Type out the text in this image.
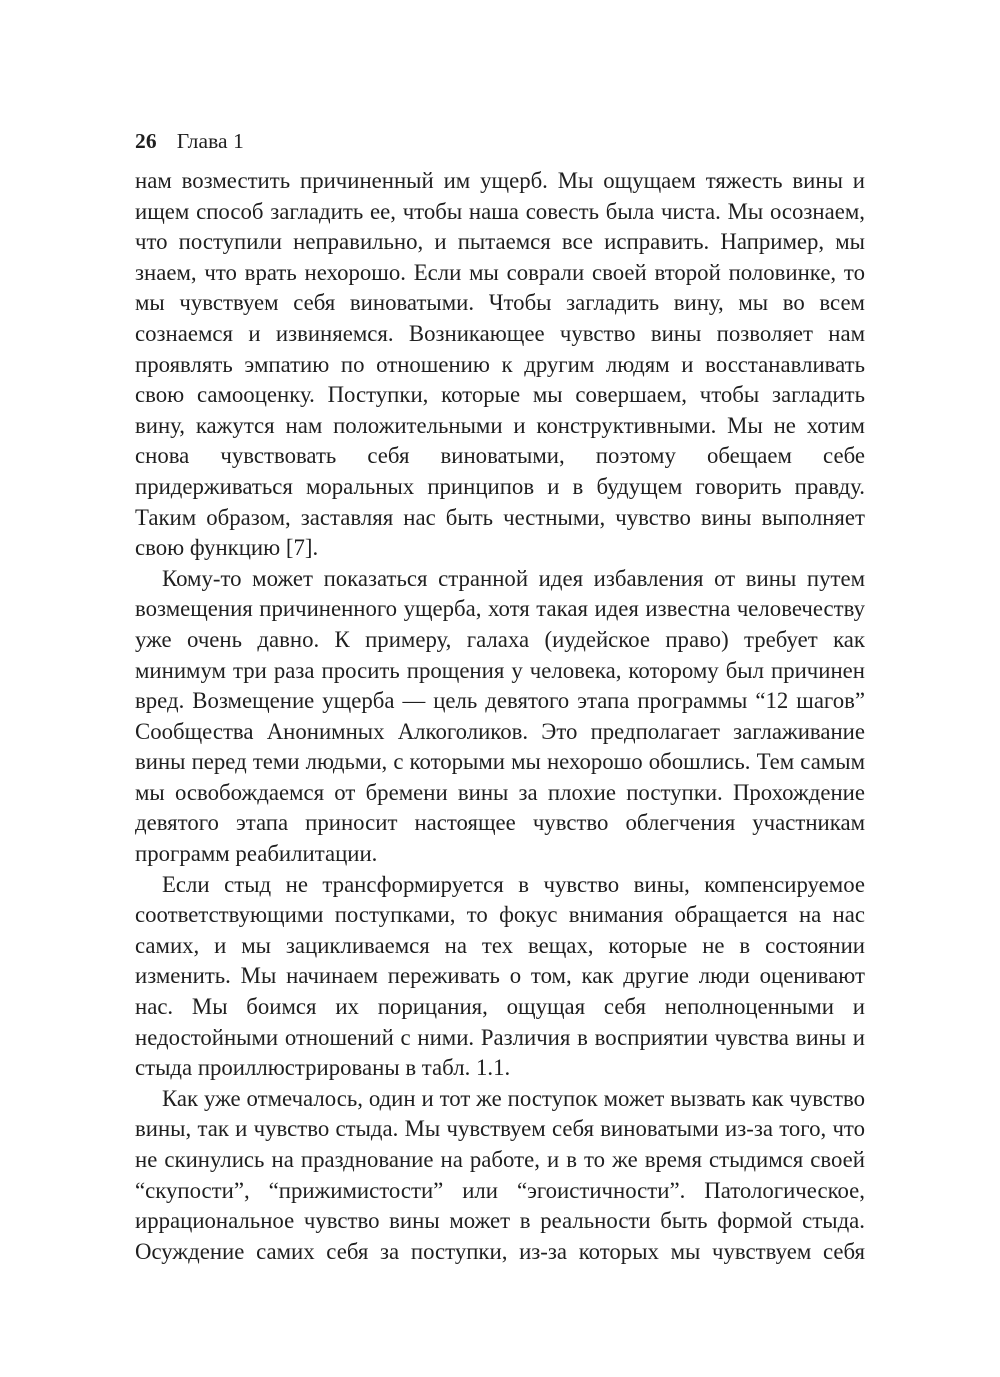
26 Глава 1

нам возместить причиненный им ущерб. Мы ощущаем тяжесть вины и ищем способ загладить ее, чтобы наша совесть была чиста. Мы осознаем, что поступили неправильно, и пытаемся все исправить. Например, мы знаем, что врать нехорошо. Если мы соврали своей второй половинке, то мы чувствуем себя виноватыми. Чтобы загладить вину, мы во всем сознаемся и извиняемся. Возникающее чувство вины позволяет нам проявлять эмпатию по отношению к другим людям и восстанавливать свою самооценку. Поступки, которые мы совершаем, чтобы загладить вину, кажутся нам положительными и конструктивными. Мы не хотим снова чувствовать себя виноватыми, поэтому обещаем себе придерживаться моральных принципов и в будущем говорить правду. Таким образом, заставляя нас быть честными, чувство вины выполняет свою функцию [7].

Кому-то может показаться странной идея избавления от вины путем возмещения причиненного ущерба, хотя такая идея известна человечеству уже очень давно. К примеру, галаха (иудейское право) требует как минимум три раза просить прощения у человека, которому был причинен вред. Возмещение ущерба — цель девятого этапа программы “12 шагов” Сообщества Анонимных Алкоголиков. Это предполагает заглаживание вины перед теми людьми, с которыми мы нехорошо обошлись. Тем самым мы освобождаемся от бремени вины за плохие поступки. Прохождение девятого этапа приносит настоящее чувство облегчения участникам программ реабилитации.

Если стыд не трансформируется в чувство вины, компенсируемое соответствующими поступками, то фокус внимания обращается на нас самих, и мы зацикливаемся на тех вещах, которые не в состоянии изменить. Мы начинаем переживать о том, как другие люди оценивают нас. Мы боимся их порицания, ощущая себя неполноценными и недостойными отношений с ними. Различия в восприятии чувства вины и стыда проиллюстрированы в табл. 1.1.

Как уже отмечалось, один и тот же поступок может вызвать как чувство вины, так и чувство стыда. Мы чувствуем себя виноватыми из-за того, что не скинулись на празднование на работе, и в то же время стыдимся своей “скупости”, “прижимистости” или “эгоистичности”. Патологическое, иррациональное чувство вины может в реальности быть формой стыда. Осуждение самих себя за поступки, из-за которых мы чувствуем себя
